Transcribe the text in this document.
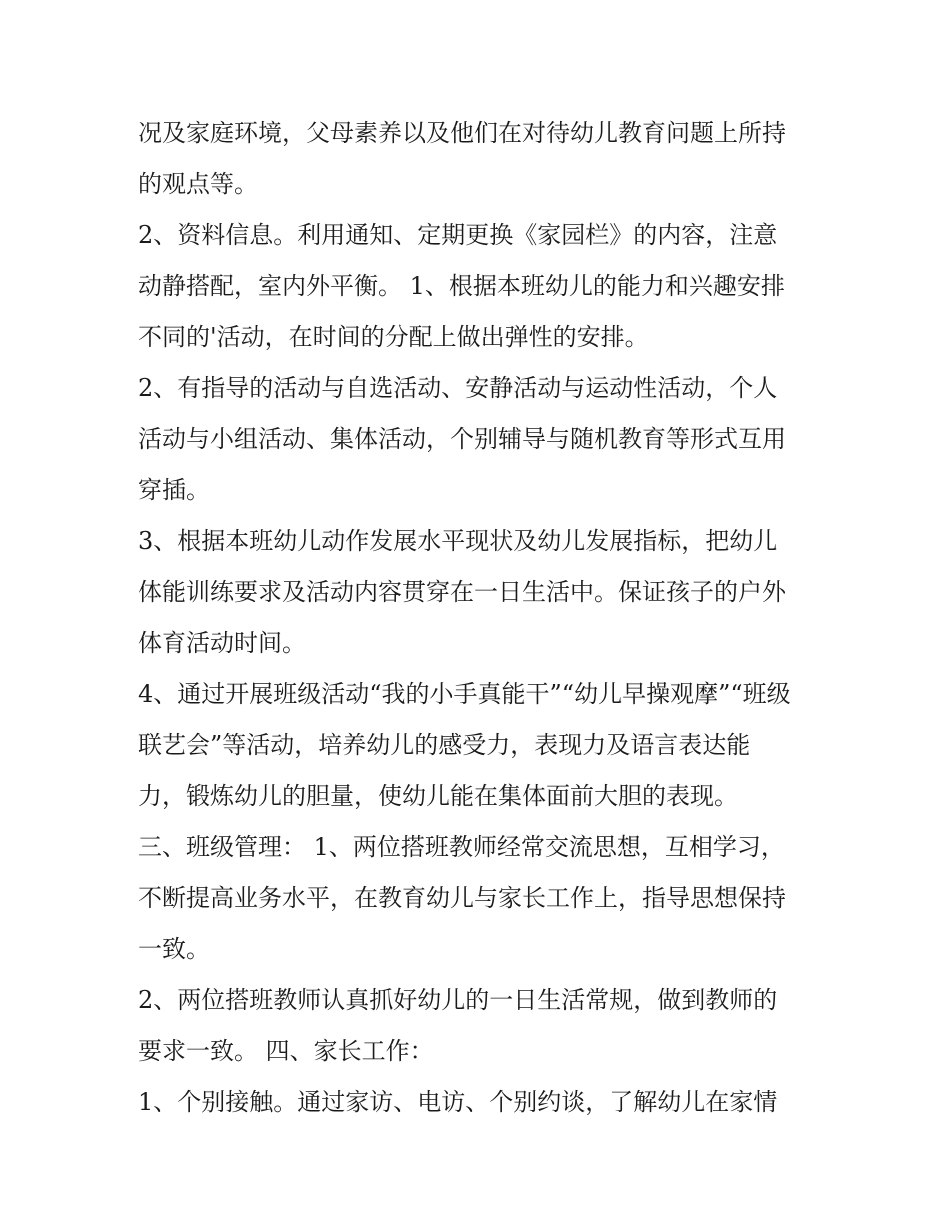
况及家庭环境，父母素养以及他们在对待幼儿教育问题上所持
的观点等。
2、资料信息。利用通知、定期更换《家园栏》的内容，注意
动静搭配，室内外平衡。 1、根据本班幼儿的能力和兴趣安排
不同的'活动，在时间的分配上做出弹性的安排。
2、有指导的活动与自选活动、安静活动与运动性活动，个人
活动与小组活动、集体活动，个别辅导与随机教育等形式互用
穿插。
3、根据本班幼儿动作发展水平现状及幼儿发展指标，把幼儿
体能训练要求及活动内容贯穿在一日生活中。保证孩子的户外
体育活动时间。
4、通过开展班级活动“我的小手真能干”“幼儿早操观摩”“班级
联艺会”等活动，培养幼儿的感受力，表现力及语言表达能
力，锻炼幼儿的胆量，使幼儿能在集体面前大胆的表现。
三、班级管理： 1、两位搭班教师经常交流思想，互相学习，
不断提高业务水平，在教育幼儿与家长工作上，指导思想保持
一致。
2、两位搭班教师认真抓好幼儿的一日生活常规，做到教师的
要求一致。 四、家长工作：
1、个别接触。通过家访、电访、个别约谈，了解幼儿在家情
